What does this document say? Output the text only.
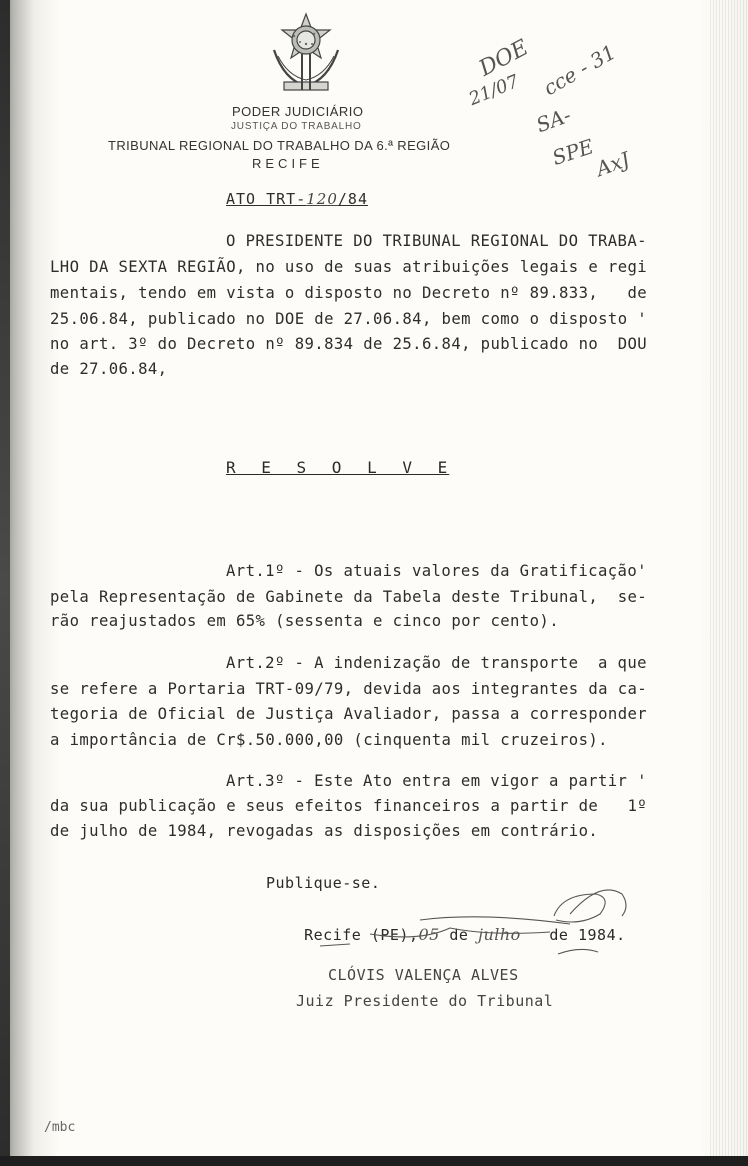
PODER JUDICIÁRIO
JUSTIÇA DO TRABALHO
TRIBUNAL REGIONAL DO TRABALHO DA 6.ª REGIÃO
RECIFE
DOE
21/07 cce - 31
SA-
SPE
AxJ
ATO TRT-120/84
O PRESIDENTE DO TRIBUNAL REGIONAL DO TRABA-
LHO DA SEXTA REGIÃO, no uso de suas atribuições legais e regi
mentais, tendo em vista o disposto no Decreto nº 89.833,   de
25.06.84, publicado no DOE de 27.06.84, bem como o disposto '
no art. 3º do Decreto nº 89.834 de 25.6.84, publicado no  DOU
de 27.06.84,
R E S O L V E
Art.1º - Os atuais valores da Gratificação'
pela Representação de Gabinete da Tabela deste Tribunal,  se-
rão reajustados em 65% (sessenta e cinco por cento).
Art.2º - A indenização de transporte  a que
se refere a Portaria TRT-09/79, devida aos integrantes da ca-
tegoria de Oficial de Justiça Avaliador, passa a corresponder
a importância de Cr$.50.000,00 (cinquenta mil cruzeiros).
Art.3º - Este Ato entra em vigor a partir '
da sua publicação e seus efeitos financeiros a partir de   1º
de julho de 1984, revogadas as disposições em contrário.
Publique-se.

Recife (PE),05 de julho de 1984.

CLÓVIS VALENÇA ALVES
Juiz Presidente do Tribunal
/mbc
